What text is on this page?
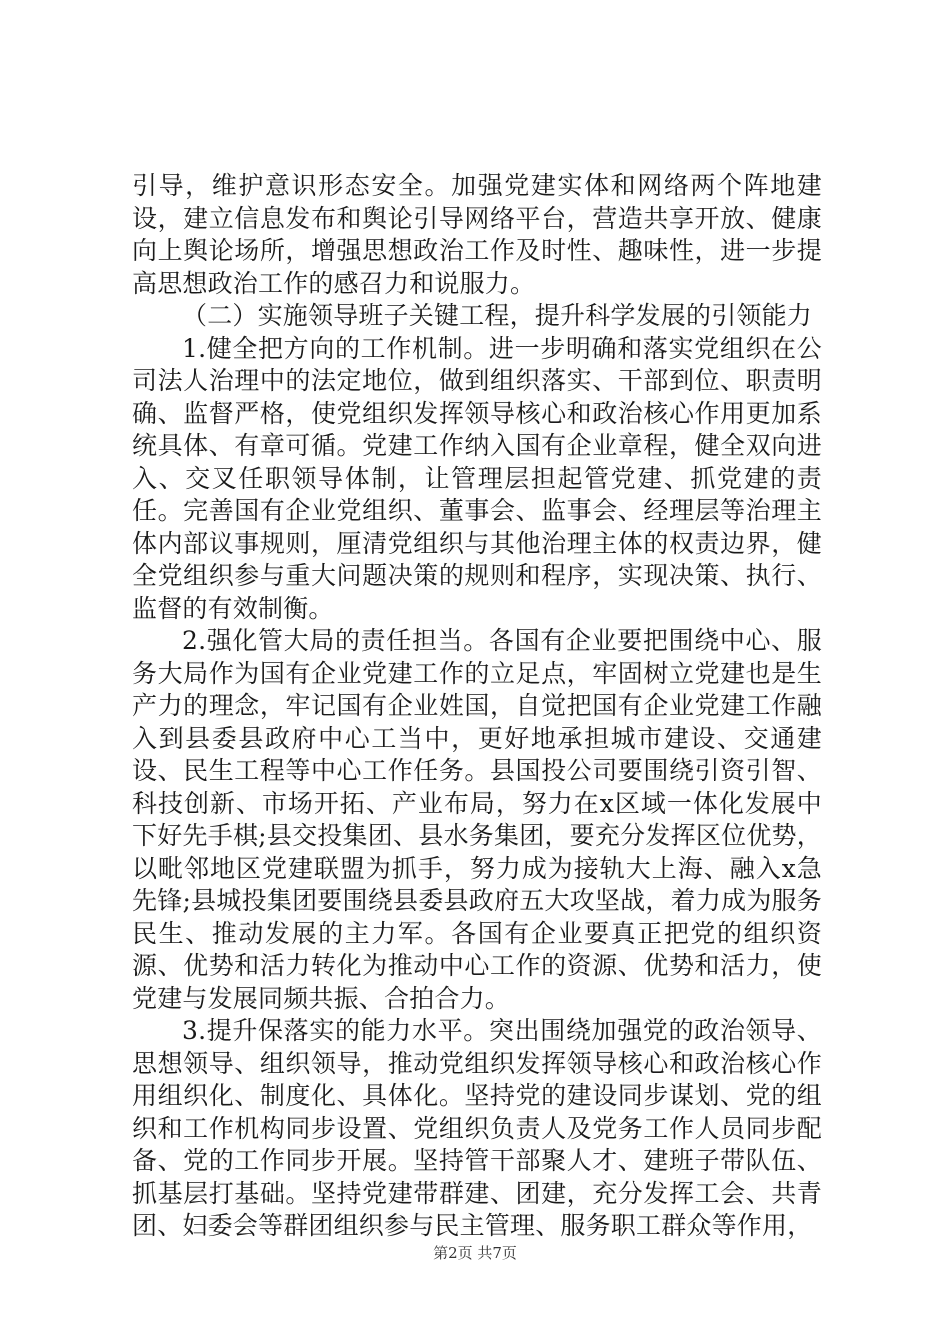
引导，维护意识形态安全。加强党建实体和网络两个阵地建设，建立信息发布和舆论引导网络平台，营造共享开放、健康向上舆论场所，增强思想政治工作及时性、趣味性，进一步提高思想政治工作的感召力和说服力。

（二）实施领导班子关键工程，提升科学发展的引领能力

1.健全把方向的工作机制。进一步明确和落实党组织在公司法人治理中的法定地位，做到组织落实、干部到位、职责明确、监督严格，使党组织发挥领导核心和政治核心作用更加系统具体、有章可循。党建工作纳入国有企业章程，健全双向进入、交叉任职领导体制，让管理层担起管党建、抓党建的责任。完善国有企业党组织、董事会、监事会、经理层等治理主体内部议事规则，厘清党组织与其他治理主体的权责边界，健全党组织参与重大问题决策的规则和程序，实现决策、执行、监督的有效制衡。

2.强化管大局的责任担当。各国有企业要把围绕中心、服务大局作为国有企业党建工作的立足点，牢固树立党建也是生产力的理念，牢记国有企业姓国，自觉把国有企业党建工作融入到县委县政府中心工当中，更好地承担城市建设、交通建设、民生工程等中心工作任务。县国投公司要围绕引资引智、科技创新、市场开拓、产业布局，努力在x区域一体化发展中下好先手棋;县交投集团、县水务集团，要充分发挥区位优势，以毗邻地区党建联盟为抓手，努力成为接轨大上海、融入x急先锋;县城投集团要围绕县委县政府五大攻坚战，着力成为服务民生、推动发展的主力军。各国有企业要真正把党的组织资源、优势和活力转化为推动中心工作的资源、优势和活力，使党建与发展同频共振、合拍合力。

3.提升保落实的能力水平。突出围绕加强党的政治领导、思想领导、组织领导，推动党组织发挥领导核心和政治核心作用组织化、制度化、具体化。坚持党的建设同步谋划、党的组织和工作机构同步设置、党组织负责人及党务工作人员同步配备、党的工作同步开展。坚持管干部聚人才、建班子带队伍、抓基层打基础。坚持党建带群建、团建，充分发挥工会、共青团、妇委会等群团组织参与民主管理、服务职工群众等作用，

第2页 共7页
